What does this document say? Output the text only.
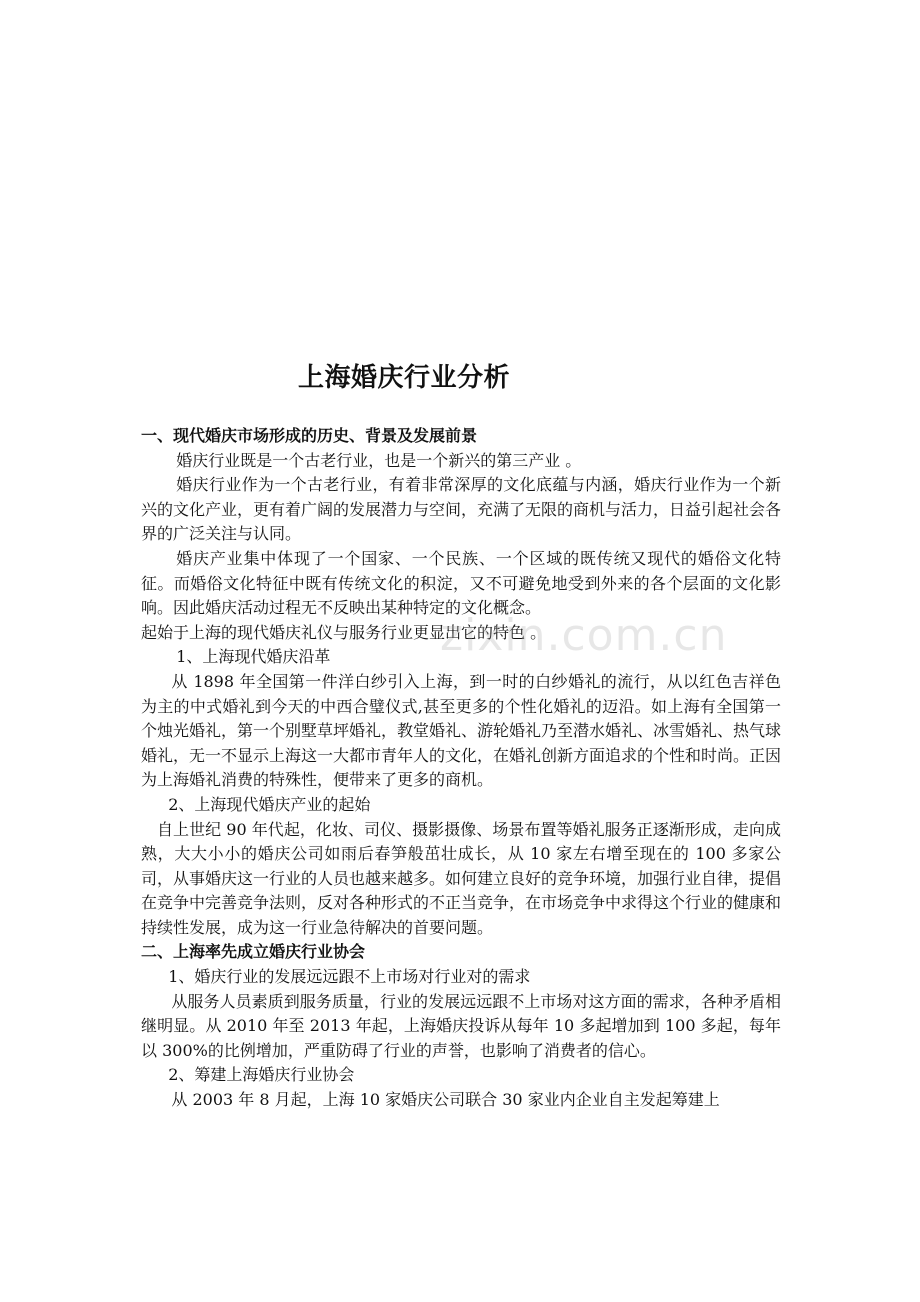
上海婚庆行业分析

一、现代婚庆市场形成的历史、背景及发展前景

婚庆行业既是一个古老行业，也是一个新兴的第三产业 。

婚庆行业作为一个古老行业，有着非常深厚的文化底蕴与内涵，婚庆行业作为一个新兴的文化产业，更有着广阔的发展潜力与空间，充满了无限的商机与活力，日益引起社会各界的广泛关注与认同。

婚庆产业集中体现了一个国家、一个民族、一个区域的既传统又现代的婚俗文化特征。而婚俗文化特征中既有传统文化的积淀，又不可避免地受到外来的各个层面的文化影响。因此婚庆活动过程无不反映出某种特定的文化概念。

起始于上海的现代婚庆礼仪与服务行业更显出它的特色 。

1、上海现代婚庆沿革

从 1898 年全国第一件洋白纱引入上海，到一时的白纱婚礼的流行，从以红色吉祥色为主的中式婚礼到今天的中西合璧仪式,甚至更多的个性化婚礼的迈沿。如上海有全国第一个烛光婚礼，第一个别墅草坪婚礼，教堂婚礼、游轮婚礼乃至潜水婚礼、冰雪婚礼、热气球婚礼，无一不显示上海这一大都市青年人的文化，在婚礼创新方面追求的个性和时尚。正因为上海婚礼消费的特殊性，便带来了更多的商机。

2、上海现代婚庆产业的起始

自上世纪 90 年代起，化妆、司仪、摄影摄像、场景布置等婚礼服务正逐渐形成，走向成熟，大大小小的婚庆公司如雨后春笋般茁壮成长，从 10 家左右增至现在的 100 多家公司，从事婚庆这一行业的人员也越来越多。如何建立良好的竞争环境，加强行业自律，提倡在竞争中完善竞争法则，反对各种形式的不正当竞争，在市场竞争中求得这个行业的健康和持续性发展，成为这一行业急待解决的首要问题。

二、上海率先成立婚庆行业协会

1、婚庆行业的发展远远跟不上市场对行业对的需求

从服务人员素质到服务质量，行业的发展远远跟不上市场对这方面的需求，各种矛盾相继明显。从 2010 年至 2013 年起，上海婚庆投诉从每年 10 多起增加到 100 多起，每年以 300%的比例增加，严重防碍了行业的声誉，也影响了消费者的信心。

2、筹建上海婚庆行业协会

从 2003 年 8 月起，上海 10 家婚庆公司联合 30 家业内企业自主发起筹建上

zixin.com.cn
